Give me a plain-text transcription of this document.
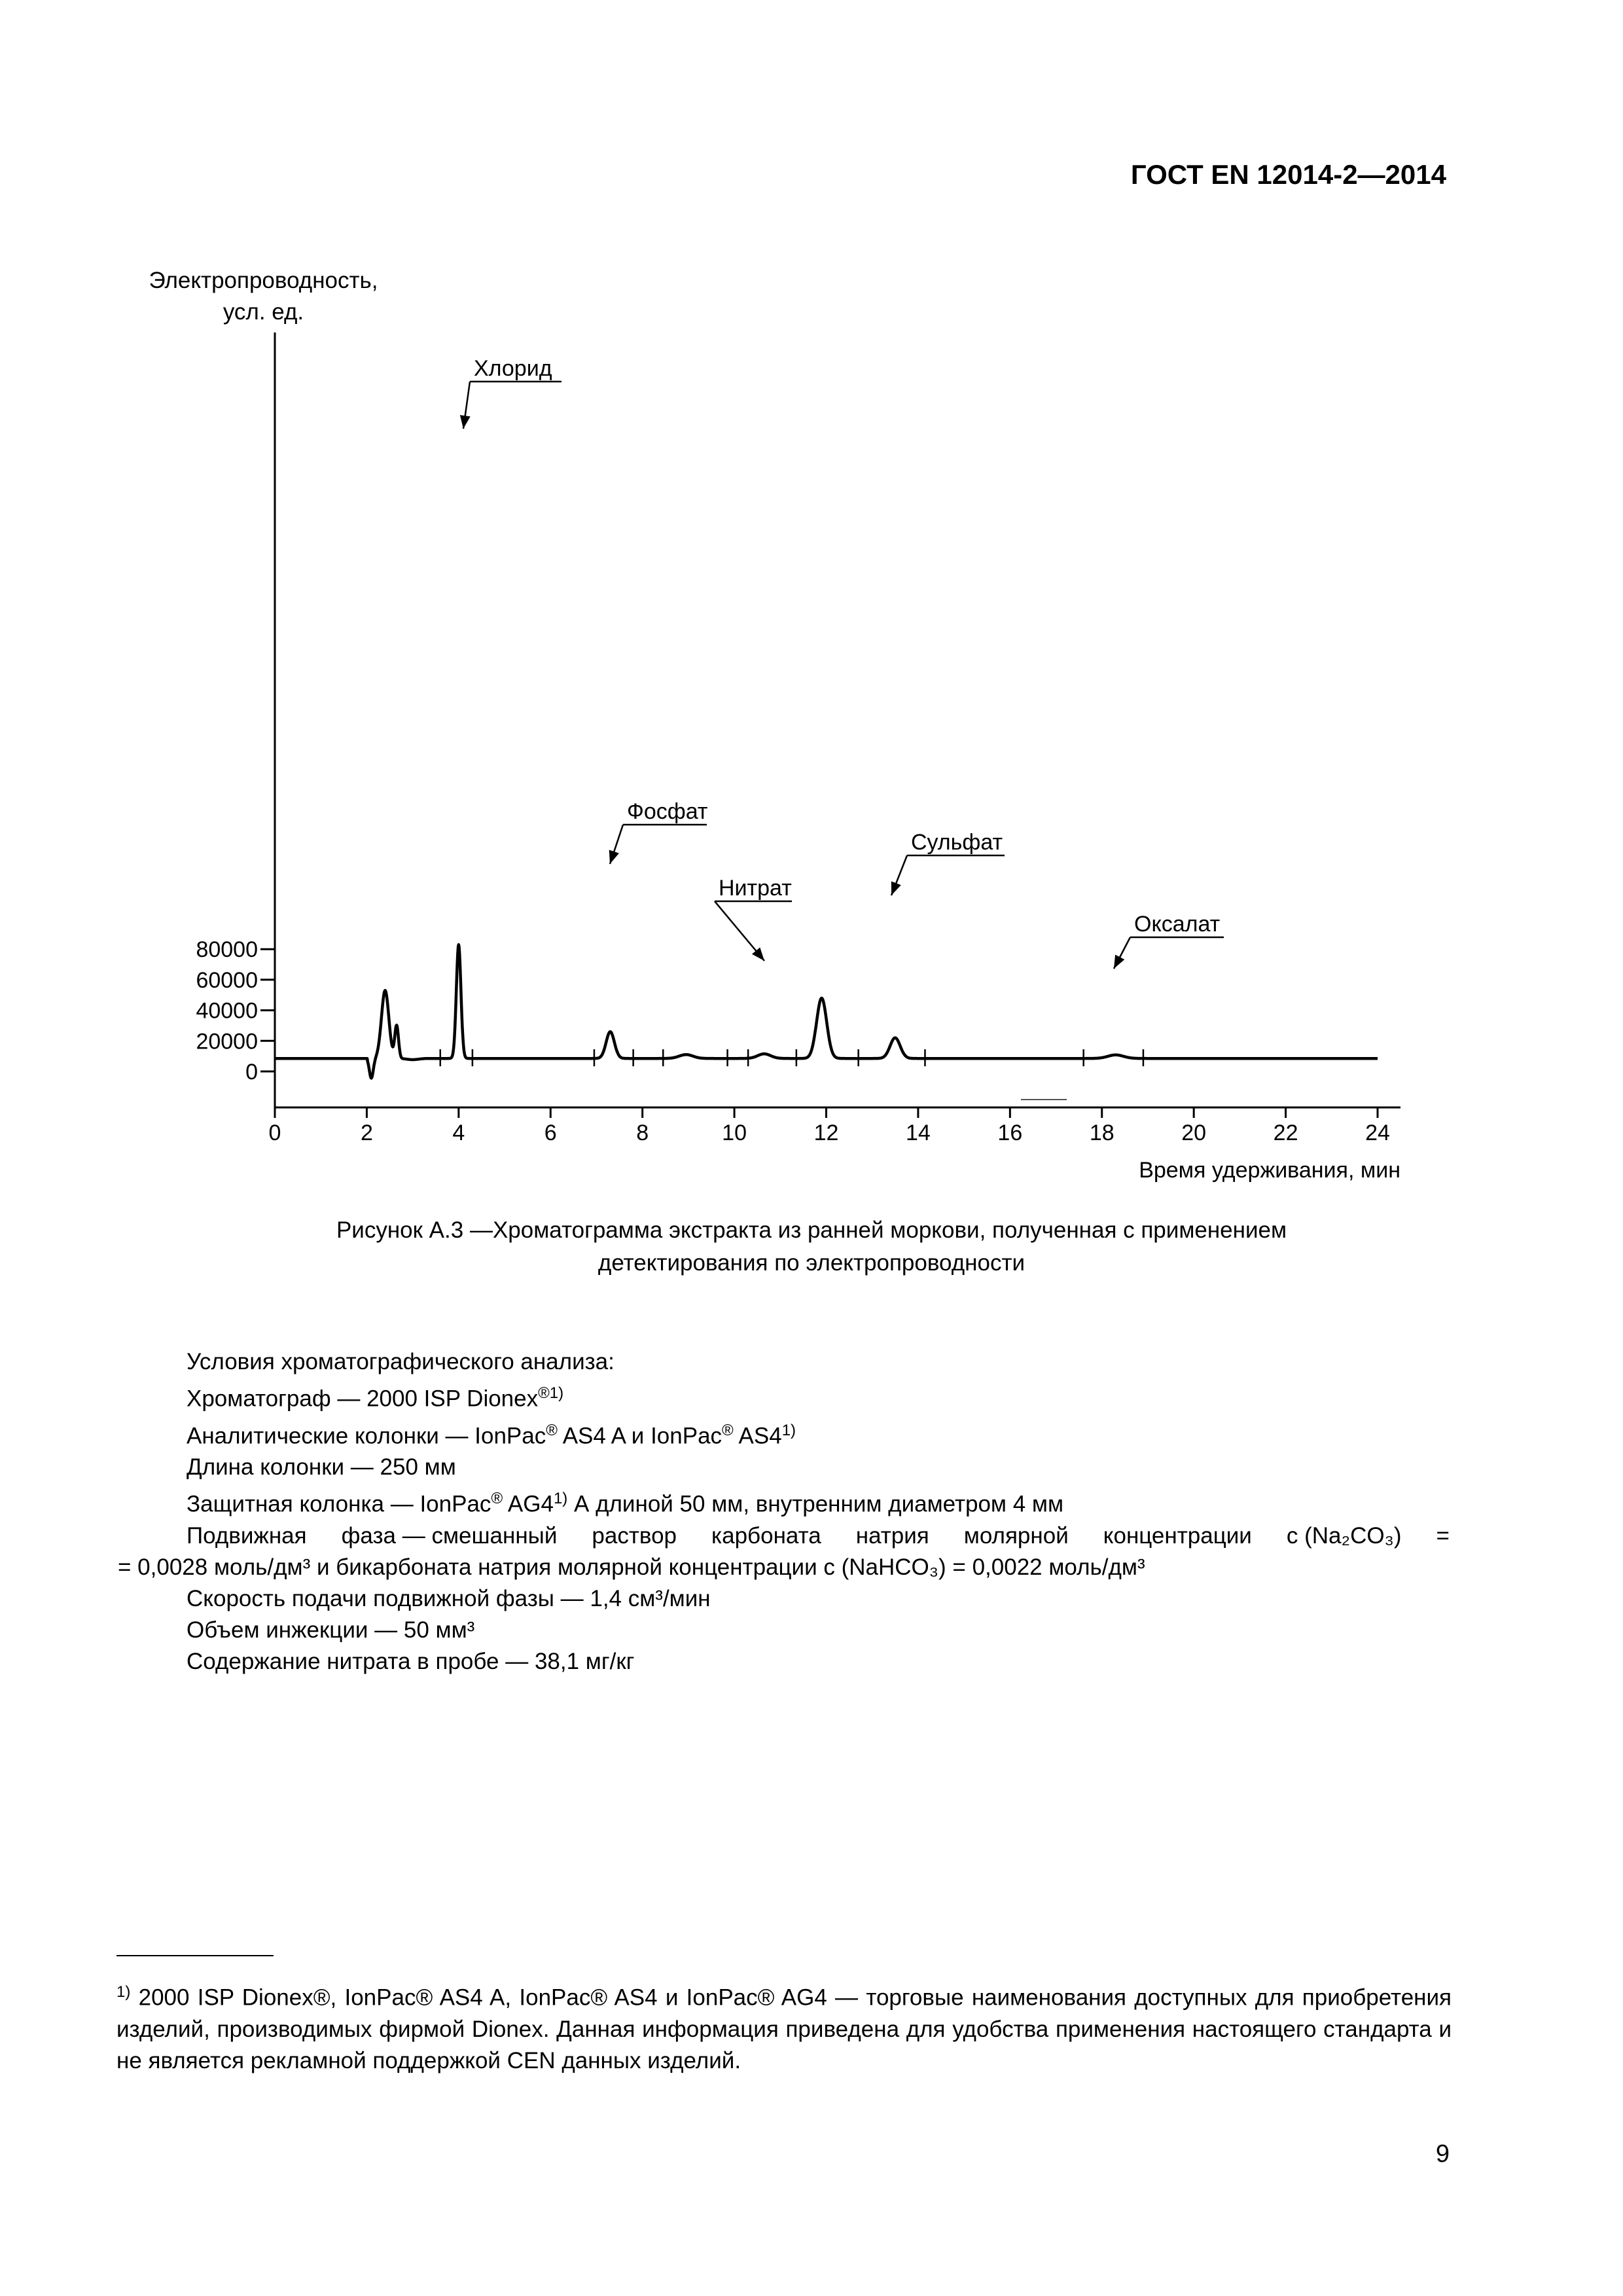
ГОСТ EN 12014-2—2014
Электропроводность,
усл. ед.
0
20000
40000
60000
80000
0	2	4	6	8	10	12	14	16	18	20	22	24
Время удерживания, мин
Хлорид
Фосфат
Нитрат
Сульфат
Оксалат
Рисунок А.3 —Хроматограмма экстракта из ранней моркови, полученная с применением
детектирования по электропроводности

Условия хроматографического анализа:

Хроматограф — 2000 ISP Dionex$^{®1)}$

Аналитические колонки — IonPac® AS4 A и IonPac® AS4$^{1)}$

Длина колонки — 250 мм

Защитная колонка — IonPac® AG4$^{1)}$ А длиной 50 мм, внутренним диаметром 4 мм

Подвижная фаза — смешанный раствор карбоната натрия молярной концентрации c (Na₂CO₃) =

= 0,0028 моль/дм³ и бикарбоната натрия молярной концентрации c (NaHCO₃) = 0,0022 моль/дм³

Скорость подачи подвижной фазы — 1,4 см³/мин

Объем инжекции — 50 мм³

Содержание нитрата в пробе — 38,1 мг/кг

$^{1)}$ 2000 ISP Dionex®, IonPac® AS4 A, IonPac® AS4 и IonPac® AG4 — торговые наименования доступных для приобретения изделий, производимых фирмой Dionex. Данная информация приведена для удобства применения настоящего стандарта и не является рекламной поддержкой CEN данных изделий.
9
